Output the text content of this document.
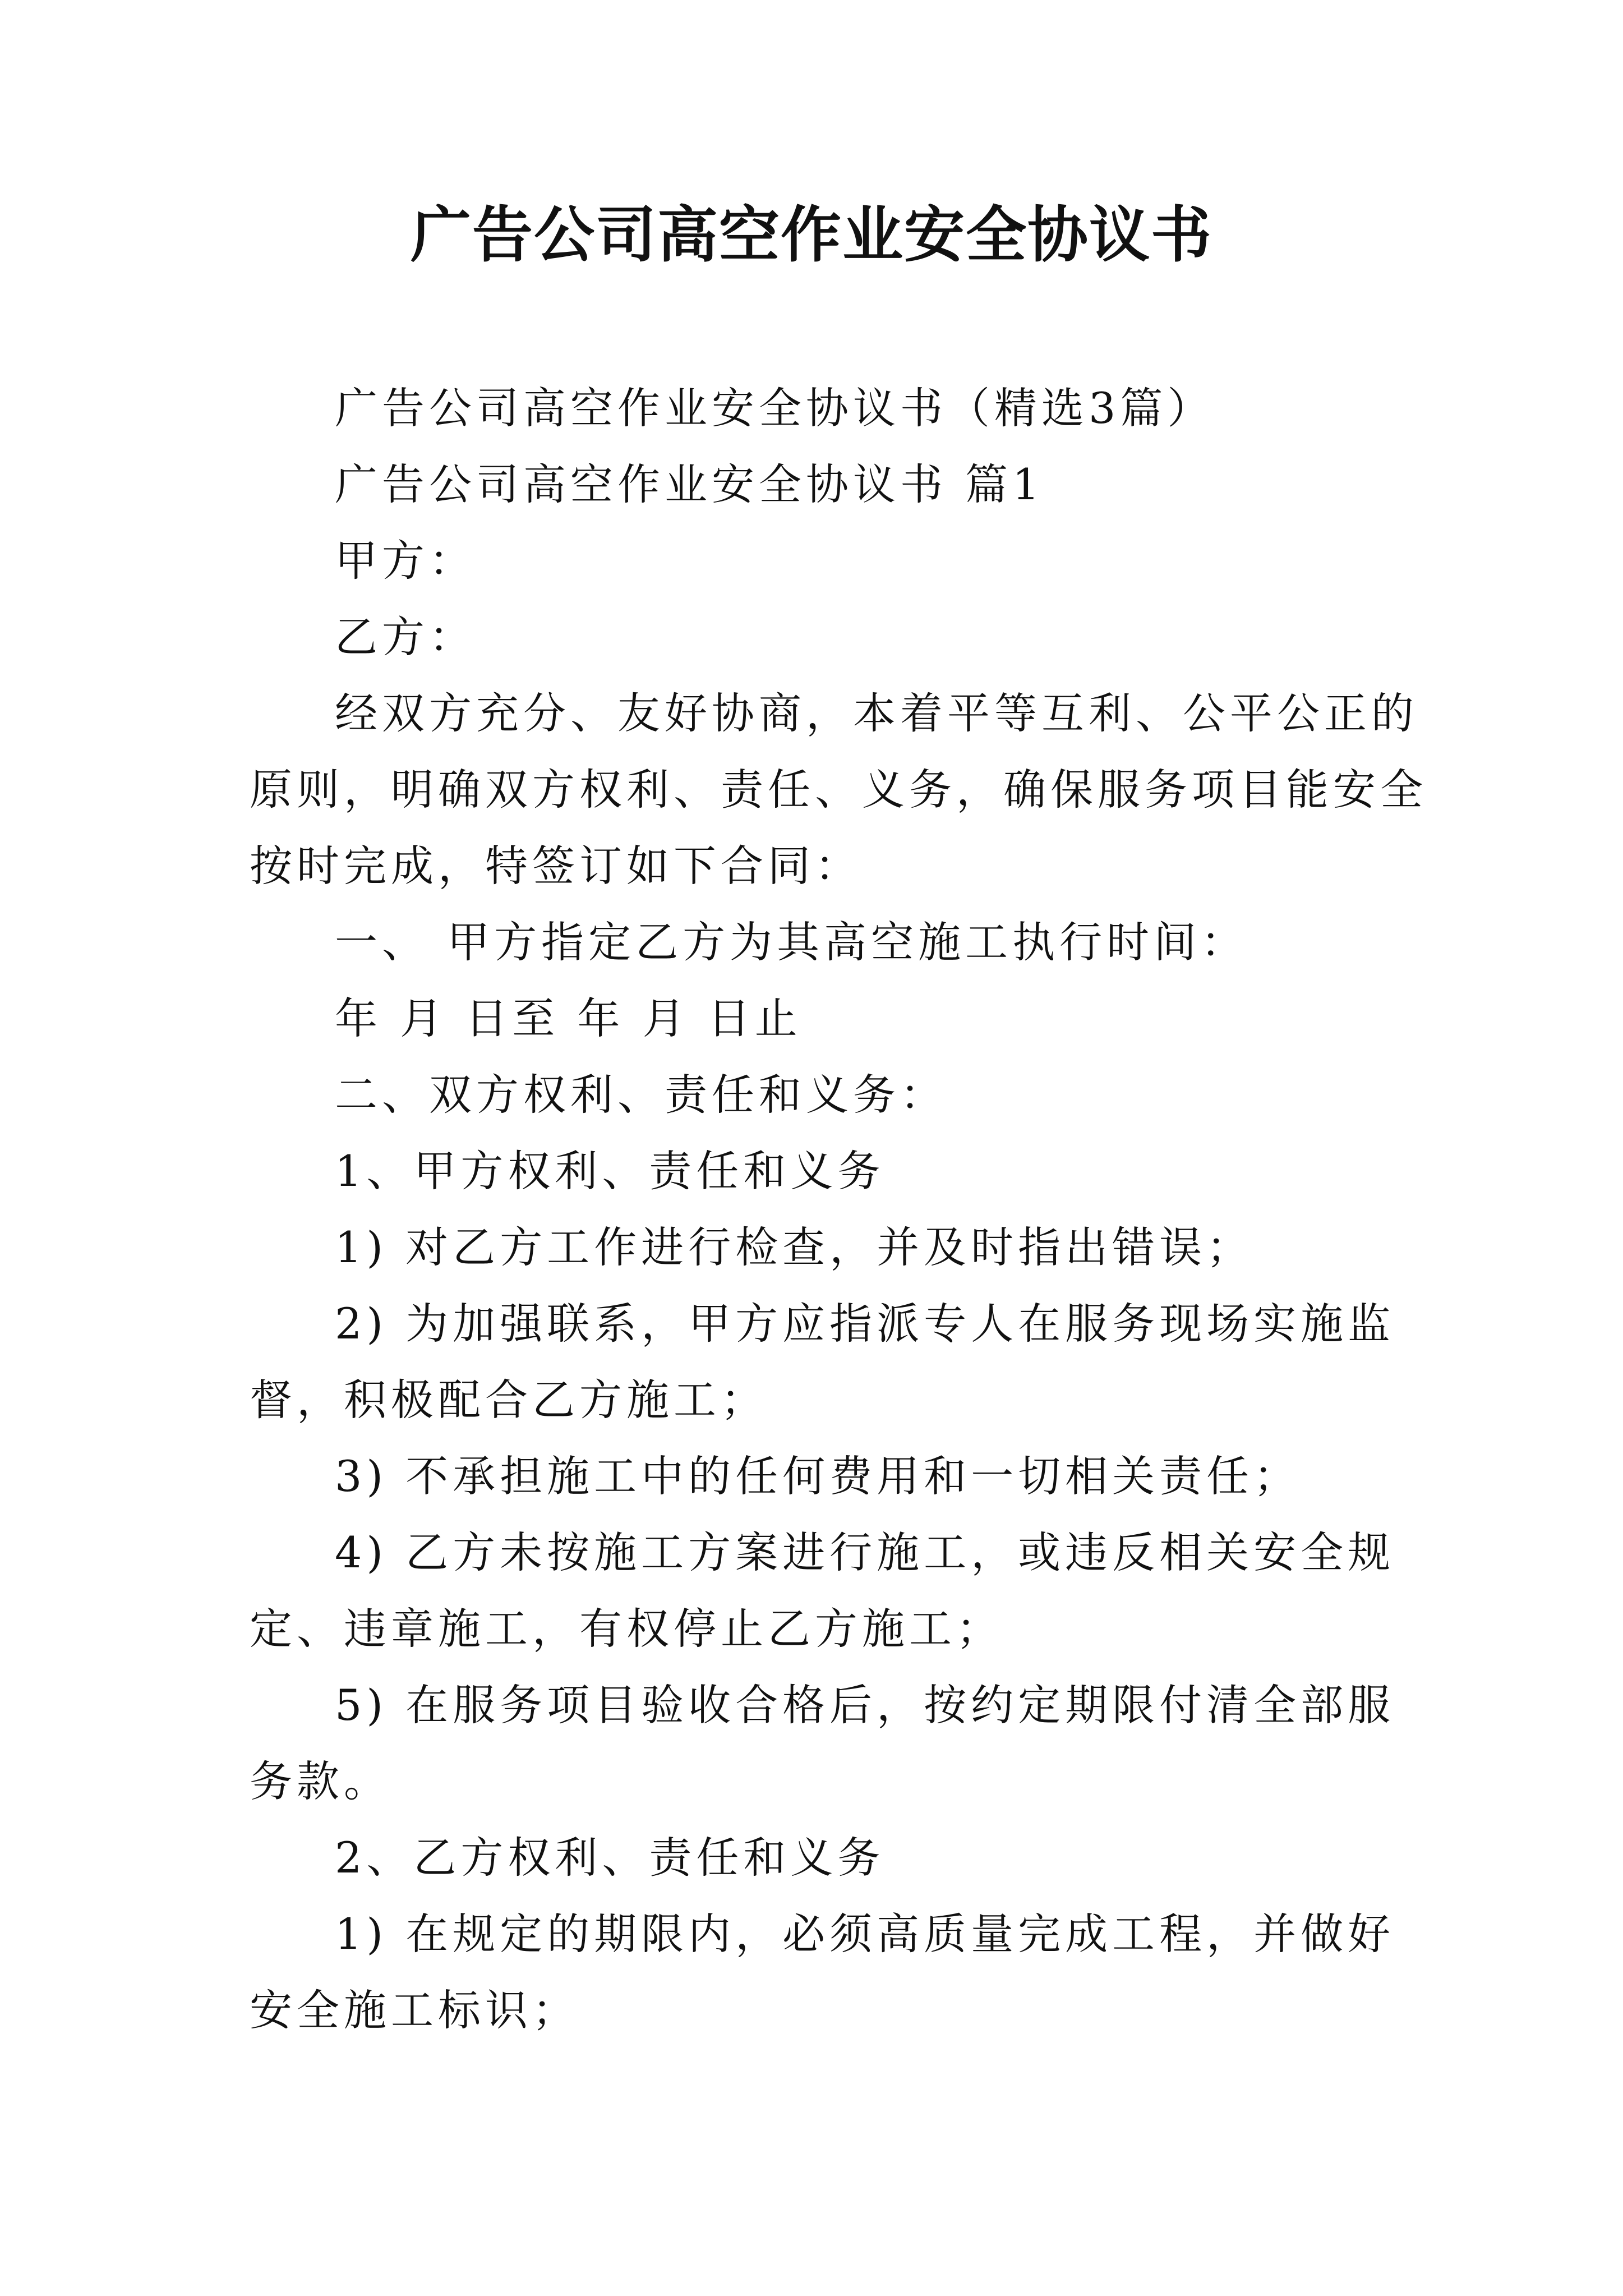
广告公司高空作业安全协议书

广告公司高空作业安全协议书（精选3篇）

广告公司高空作业安全协议书 篇1

甲方：

乙方：

经双方充分、友好协商，本着平等互利、公平公正的原则，明确双方权利、责任、义务，确保服务项目能安全按时完成，特签订如下合同：

一、 甲方指定乙方为其高空施工执行时间：

年 月 日至 年 月 日止

二、双方权利、责任和义务：

1、甲方权利、责任和义务

1) 对乙方工作进行检查，并及时指出错误；

2) 为加强联系，甲方应指派专人在服务现场实施监督，积极配合乙方施工；

3) 不承担施工中的任何费用和一切相关责任；

4) 乙方未按施工方案进行施工，或违反相关安全规定、违章施工，有权停止乙方施工；

5) 在服务项目验收合格后，按约定期限付清全部服务款。

2、乙方权利、责任和义务

1) 在规定的期限内，必须高质量完成工程，并做好安全施工标识；
